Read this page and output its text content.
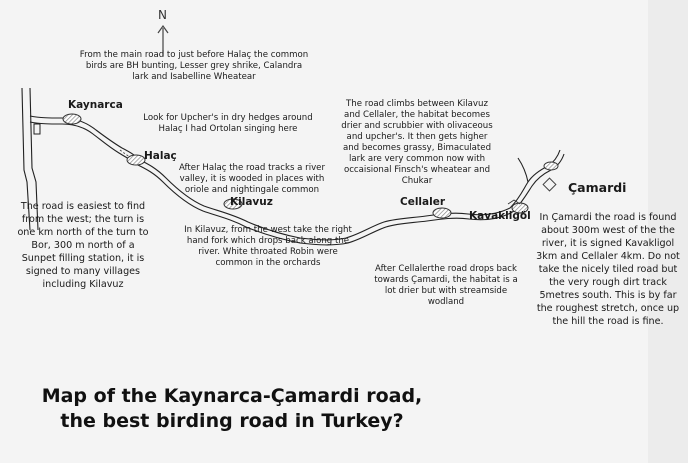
N
Kaynarca
Halaç
Kilavuz	Cellaler
Kavakligöl
Çamardi
From the main road to just before Halaç the common
birds are BH bunting, Lesser grey shrike, Calandra
lark and Isabelline Wheatear
Look for Upcher's in dry hedges around
Halaç I had Ortolan singing here
After Halaç the road tracks a river
valley, it is wooded in places with
oriole and nightingale common
The road climbs between Kilavuz
and Cellaler, the habitat becomes
drier and scrubbier with olivaceous
and upcher's. It then gets higher
and becomes grassy, Bimaculated
lark are very common now with
occaisional Finsch's wheatear and
Chukar
The road is easiest to find
from the west; the turn is
one km north of the turn to
Bor, 300 m north of a
Sunpet filling station, it is
signed to many villages
including Kilavuz
In Kilavuz, from the west take the right
hand fork which drops back along the
river. White throated Robin were
common in the orchards
After Cellalerthe road drops back
towards Çamardi, the habitat is a
lot drier but with streamside
wodland
In Çamardi the road is found
about 300m west of the the
river, it is signed Kavakligol
3km and Cellaler 4km. Do not
take the nicely tiled road but
the very rough dirt track
5metres south. This is by far
the roughest stretch, once up
the hill the road is fine.
Map of the Kaynarca-Çamardi road,
the best birding road in Turkey?
